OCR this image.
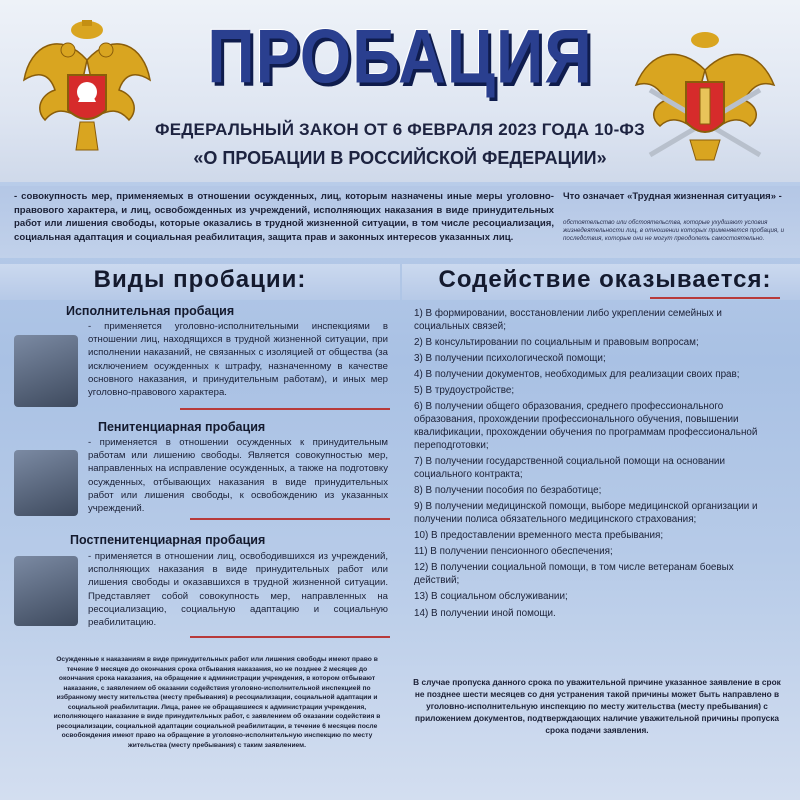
ПРОБАЦИЯ
ФЕДЕРАЛЬНЫЙ ЗАКОН ОТ 6 ФЕВРАЛЯ 2023 ГОДА 10-ФЗ
«О ПРОБАЦИИ В РОССИЙСКОЙ ФЕДЕРАЦИИ»
- совокупность мер, применяемых в отношении осужденных, лиц, которым назначены иные меры уголовно-правового характера, и лиц, освобожденных из учреждений, исполняющих наказания в виде принудительных работ или лишения свободы, которые оказались в трудной жизненной ситуации, в том числе ресоциализация, социальная адаптация и социальная реабилитация, защита прав и законных интересов указанных лиц.
Что означает «Трудная жизненная ситуация» -
обстоятельство или обстоятельства, которые ухудшают условия жизнедеятельности лиц, в отношении которых применяется пробация, и последствия, которые они не могут преодолеть самостоятельно.
Виды пробации:	Содействие оказывается:
Исполнительная пробация
- применяется уголовно-исполнительными инспекциями в отношении лиц, находящихся в трудной жизненной ситуации, при исполнении наказаний, не связанных с изоляцией от общества (за исключением осужденных к штрафу, назначенному в качестве основного наказания, и принудительным работам), и иных мер уголовно-правового характера.
Пенитенциарная пробация
- применяется в отношении осужденных к принудительным работам или лишению свободы. Является совокупностью мер, направленных на исправление осужденных, а также на подготовку осужденных, отбывающих наказания в виде принудительных работ или лишения свободы, к освобождению из указанных учреждений.
Постпенитенциарная пробация
- применяется в отношении лиц, освободившихся из учреждений, исполняющих наказания в виде принудительных работ или лишения свободы и оказавшихся в трудной жизненной ситуации. Представляет собой совокупность мер, направленных на ресоциализацию, социальную адаптацию и социальную реабилитацию.
1) В формировании, восстановлении либо укреплении семейных и социальных связей;
2) В консультировании по социальным и правовым вопросам;
3) В получении психологической помощи;
4) В получении документов, необходимых для реализации своих прав;
5) В трудоустройстве;
6) В получении общего образования, среднего профессионального образования, прохождении профессионального обучения, повышении квалификации, прохождении обучения по программам профессиональной переподготовки;
7) В получении государственной социальной помощи на основании социального контракта;
8) В получении пособия по безработице;
9) В получении медицинской помощи, выборе медицинской организации и получении полиса обязательного медицинского страхования;
10) В предоставлении временного места пребывания;
11) В получении пенсионного обеспечения;
12) В получении социальной помощи, в том числе ветеранам боевых действий;
13) В социальном обслуживании;
14) В получении иной помощи.
Осужденные к наказаниям в виде принудительных работ или лишения свободы имеют право в течение 9 месяцев до окончания срока отбывания наказания, но не позднее 2 месяцев до окончания срока наказания, на обращение к администрации учреждения, в котором отбывают наказание, с заявлением об оказании содействия уголовно-исполнительной инспекцией по избранному месту жительства (месту пребывания) в ресоциализации, социальной адаптации и социальной реабилитации. Лица, ранее не обращавшиеся к администрации учреждения, исполняющего наказание в виде принудительных работ, с заявлением об оказании содействия в ресоциализации, социальной адаптации социальной реабилитации, в течение 6 месяцев после освобождения имеют право на обращение в уголовно-исполнительную инспекцию по месту жительства (месту пребывания) с таким заявлением.
В случае пропуска данного срока по уважительной причине указанное заявление в срок не позднее шести месяцев со дня устранения такой причины может быть направлено в уголовно-исполнительную инспекцию по месту жительства (месту пребывания) с приложением документов, подтверждающих наличие уважительной причины пропуска срока подачи заявления.
